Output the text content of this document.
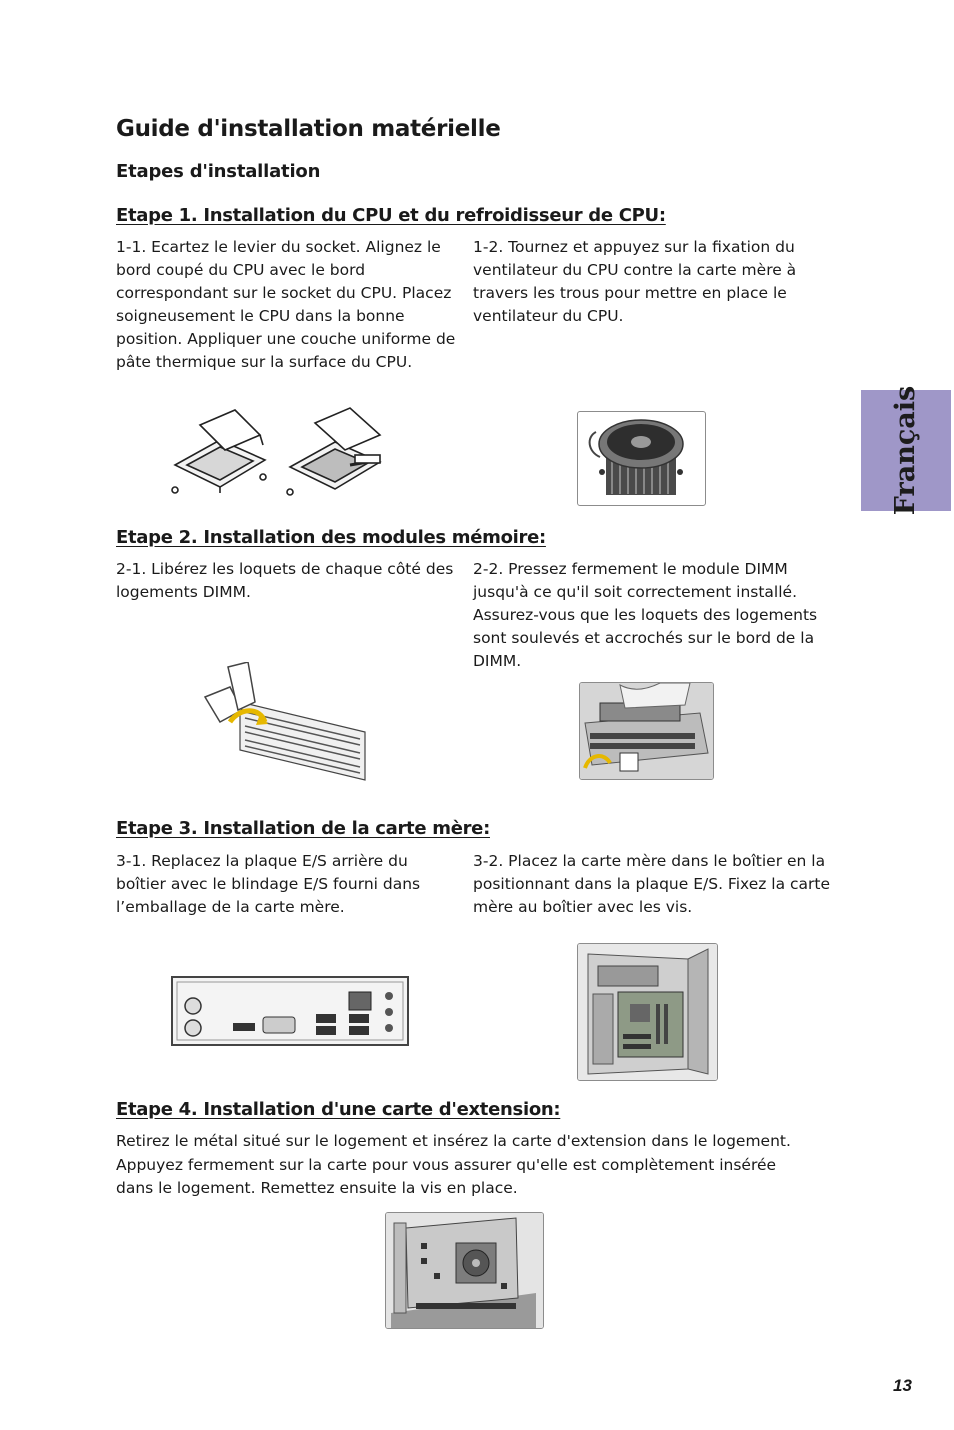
Guide d'installation matérielle
Etapes d'installation
Français
Etape 1. Installation du CPU et du refroidisseur de CPU:

1-1. Ecartez le levier du socket. Alignez le bord coupé du CPU avec le bord correspondant sur le socket du CPU. Placez soigneusement le CPU dans la bonne position. Appliquer une couche uniforme de pâte thermique sur la surface du CPU.

1-2. Tournez et appuyez sur la fixation du ventilateur du CPU contre la carte mère à travers les trous pour mettre en place le ventilateur du CPU.

Etape 2. Installation des modules mémoire:

2-1. Libérez les loquets de chaque côté des logements DIMM.

2-2. Pressez fermement le module DIMM jusqu'à ce qu'il soit correctement installé. Assurez-vous que les loquets des logements sont soulevés et accrochés sur le bord de la DIMM.

Etape 3. Installation de la carte mère:

3-1. Replacez la plaque E/S arrière du boîtier avec le blindage E/S fourni dans l’emballage de la carte mère.

3-2. Placez la carte mère dans le boîtier en la positionnant dans la plaque E/S. Fixez la carte mère au boîtier avec les vis.

Etape 4. Installation d'une carte d'extension:

Retirez le métal situé sur le logement et insérez la carte d'extension dans le logement. Appuyez fermement sur la carte pour vous assurer qu'elle est complètement insérée dans le logement. Remettez ensuite la vis en place.

13
